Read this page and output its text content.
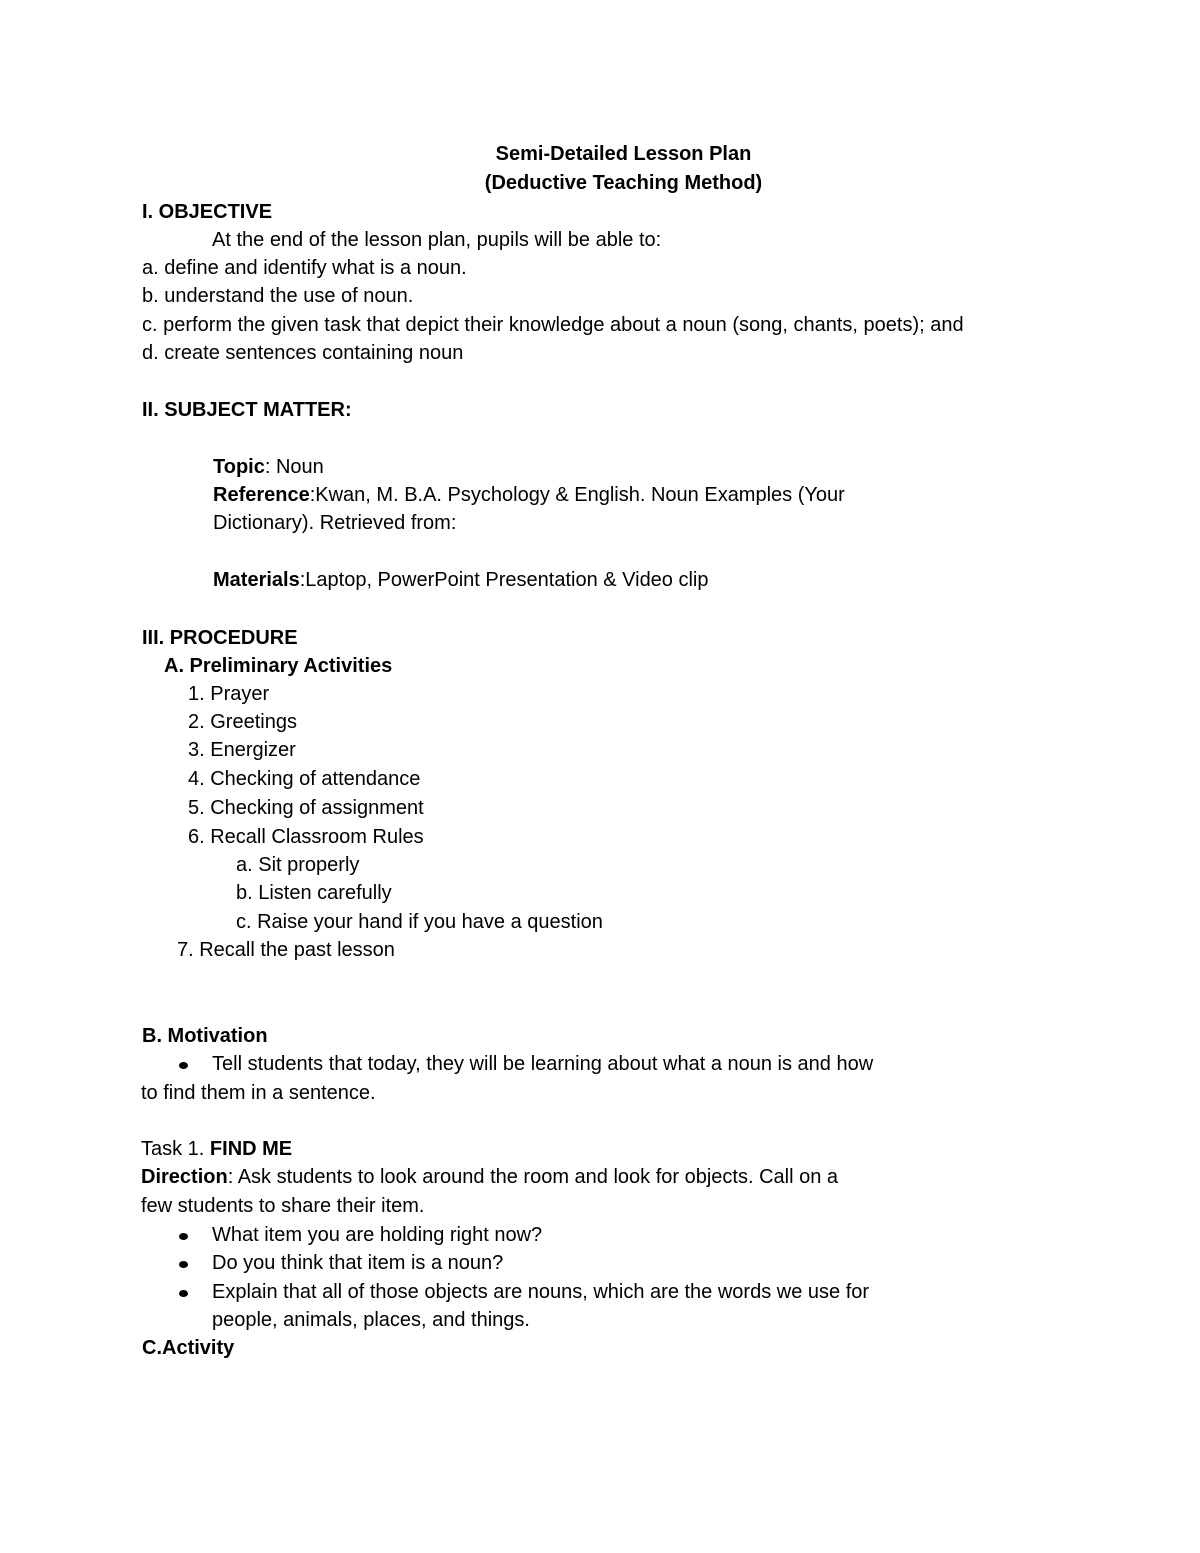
Semi-Detailed Lesson Plan
(Deductive Teaching Method)
I. OBJECTIVE
At the end of the lesson plan, pupils will be able to:
a. define and identify what is a noun.
b. understand the use of noun.
c. perform the given task that depict their knowledge about a noun (song, chants, poets); and
d. create sentences containing noun
II. SUBJECT MATTER:
Topic: Noun
Reference:Kwan, M. B.A. Psychology & English. Noun Examples (Your
Dictionary). Retrieved from:
Materials:Laptop, PowerPoint Presentation & Video clip
III. PROCEDURE
A. Preliminary Activities
1. Prayer
2. Greetings
3. Energizer
4. Checking of attendance
5. Checking of assignment
6. Recall Classroom Rules
a. Sit properly
b. Listen carefully
c. Raise your hand if you have a question
7. Recall the past lesson
B. Motivation
Tell students that today, they will be learning about what a noun is and how
to find them in a sentence.
Task 1. FIND ME
Direction: Ask students to look around the room and look for objects. Call on a
few students to share their item.
What item you are holding right now?
Do you think that item is a noun?
Explain that all of those objects are nouns, which are the words we use for
people, animals, places, and things.
C.Activity
